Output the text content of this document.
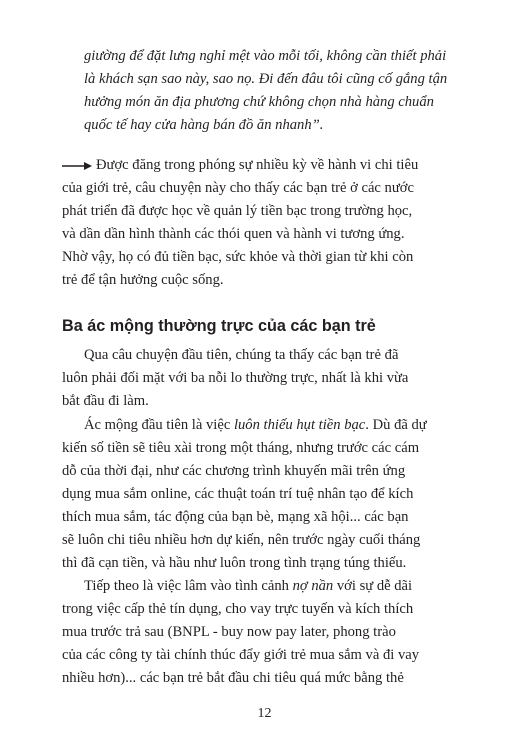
giường để đặt lưng nghỉ mệt vào mỗi tối, không cần thiết phải
là khách sạn sao này, sao nọ. Đi đến đâu tôi cũng cố gắng tận
hưởng món ăn địa phương chứ không chọn nhà hàng chuẩn
quốc tế hay cửa hàng bán đồ ăn nhanh”.
Được đăng trong phóng sự nhiều kỳ về hành vi chi tiêu
của giới trẻ, câu chuyện này cho thấy các bạn trẻ ở các nước
phát triển đã được học về quản lý tiền bạc trong trường học,
và dần dần hình thành các thói quen và hành vi tương ứng.
Nhờ vậy, họ có đủ tiền bạc, sức khỏe và thời gian từ khi còn
trẻ để tận hưởng cuộc sống.
Ba ác mộng thường trực của các bạn trẻ
Qua câu chuyện đầu tiên, chúng ta thấy các bạn trẻ đã
luôn phải đối mặt với ba nỗi lo thường trực, nhất là khi vừa
bắt đầu đi làm.
Ác mộng đầu tiên là việc luôn thiếu hụt tiền bạc. Dù đã dự
kiến số tiền sẽ tiêu xài trong một tháng, nhưng trước các cám
dỗ của thời đại, như các chương trình khuyến mãi trên ứng
dụng mua sắm online, các thuật toán trí tuệ nhân tạo để kích
thích mua sắm, tác động của bạn bè, mạng xã hội... các bạn
sẽ luôn chi tiêu nhiều hơn dự kiến, nên trước ngày cuối tháng
thì đã cạn tiền, và hầu như luôn trong tình trạng túng thiếu.
Tiếp theo là việc lâm vào tình cảnh nợ nần với sự dễ dãi
trong việc cấp thẻ tín dụng, cho vay trực tuyến và kích thích
mua trước trả sau (BNPL - buy now pay later, phong trào
của các công ty tài chính thúc đẩy giới trẻ mua sắm và đi vay
nhiều hơn)... các bạn trẻ bắt đầu chi tiêu quá mức bằng thẻ
12
